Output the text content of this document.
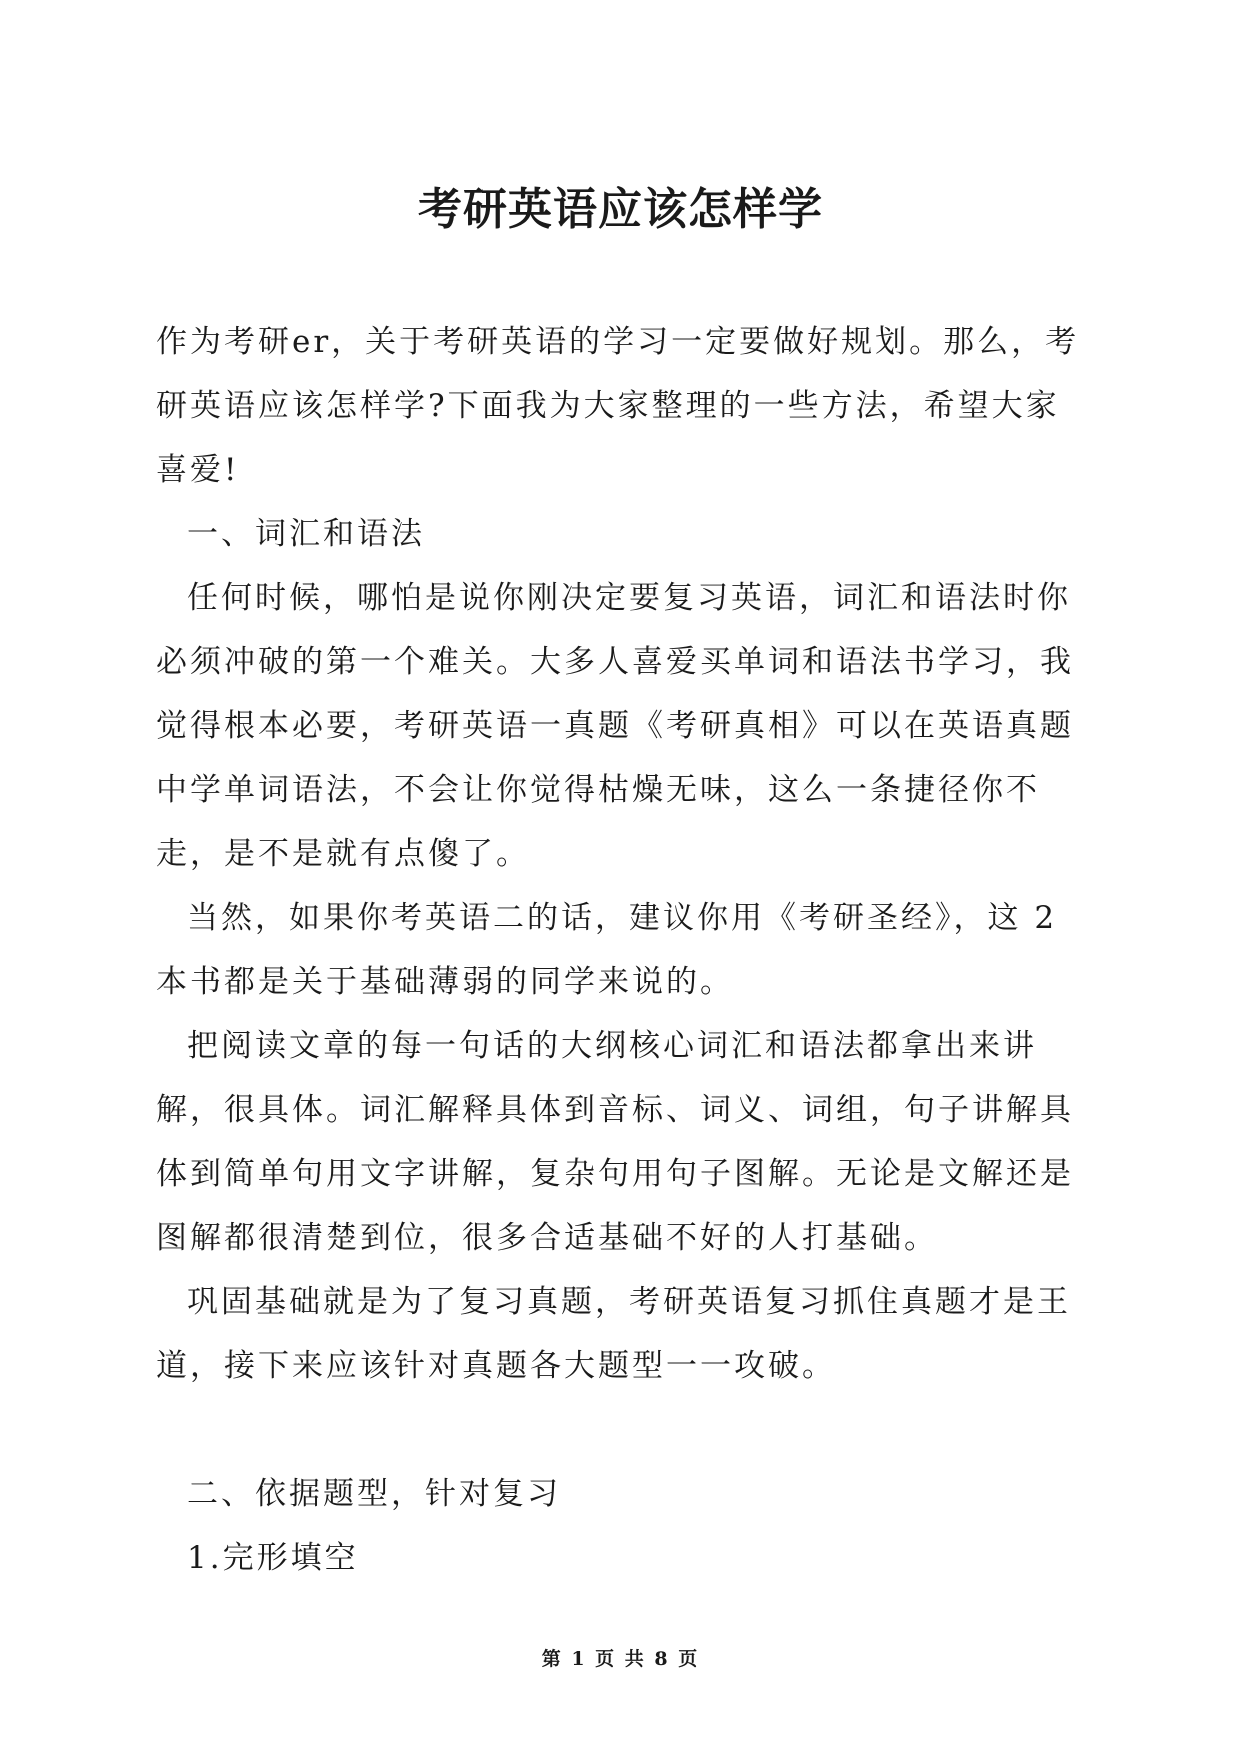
考研英语应该怎样学

作为考研er，关于考研英语的学习一定要做好规划。那么，考研英语应该怎样学?下面我为大家整理的一些方法，希望大家喜爱!

一、词汇和语法

任何时候，哪怕是说你刚决定要复习英语，词汇和语法时你必须冲破的第一个难关。大多人喜爱买单词和语法书学习，我觉得根本必要，考研英语一真题《考研真相》可以在英语真题中学单词语法，不会让你觉得枯燥无味，这么一条捷径你不走，是不是就有点傻了。

当然，如果你考英语二的话，建议你用《考研圣经》，这 2 本书都是关于基础薄弱的同学来说的。

把阅读文章的每一句话的大纲核心词汇和语法都拿出来讲解，很具体。词汇解释具体到音标、词义、词组，句子讲解具体到简单句用文字讲解，复杂句用句子图解。无论是文解还是图解都很清楚到位，很多合适基础不好的人打基础。

巩固基础就是为了复习真题，考研英语复习抓住真题才是王道，接下来应该针对真题各大题型一一攻破。

二、依据题型，针对复习

1.完形填空

第 1 页 共 8 页
